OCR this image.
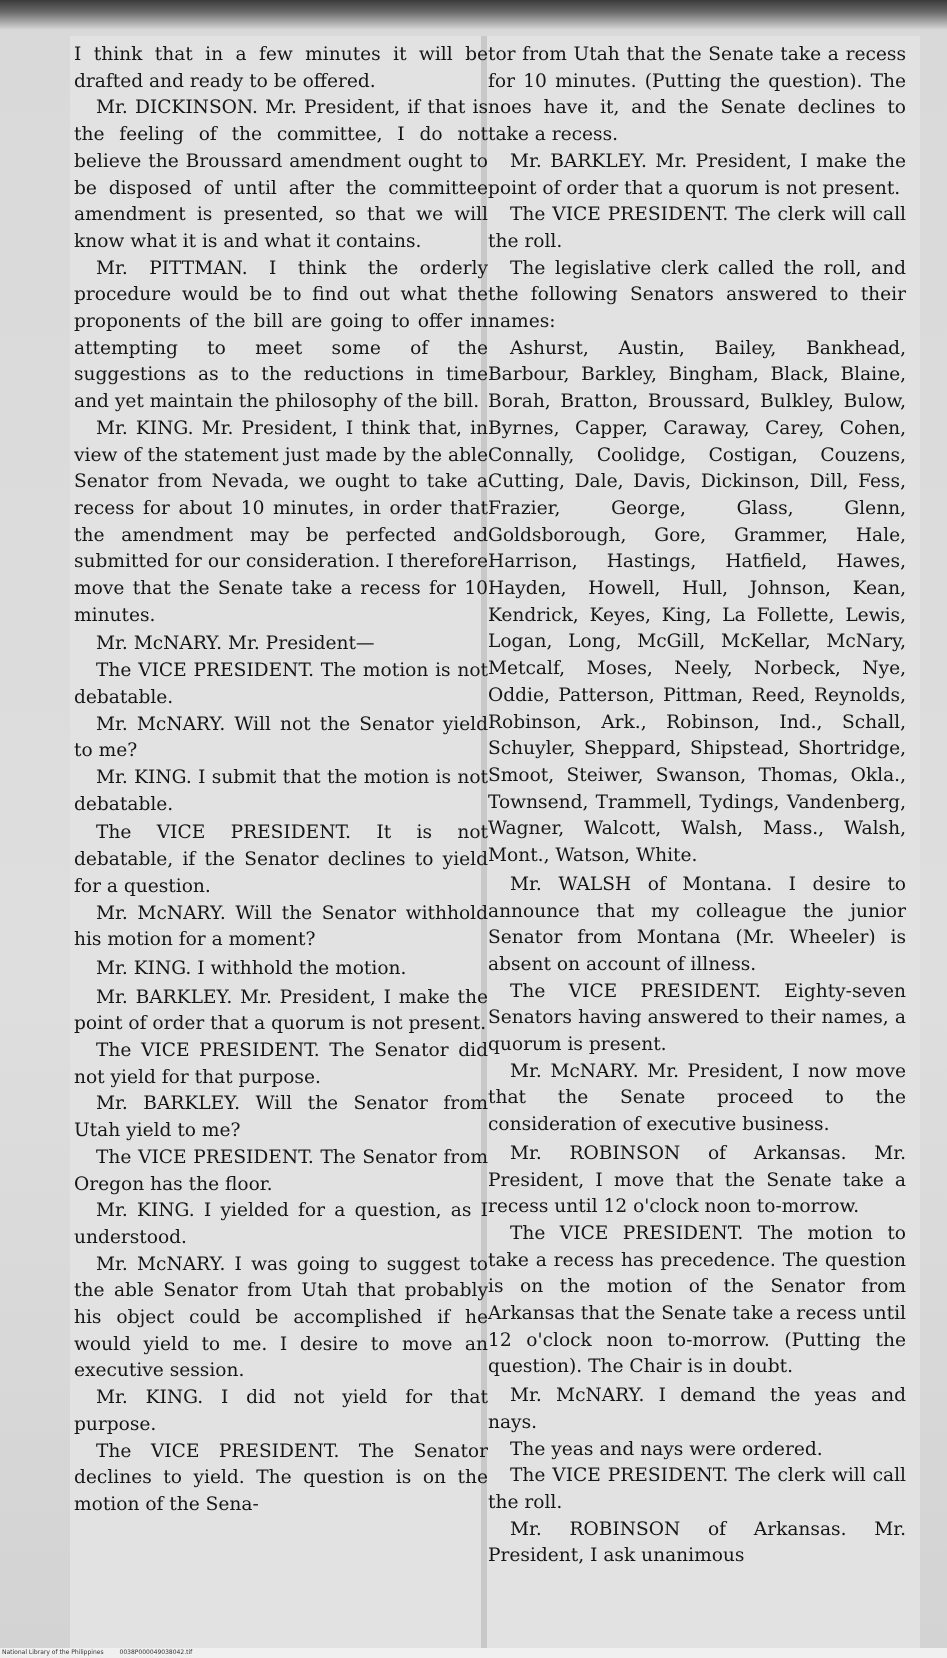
I think that in a few minutes it will be drafted and ready to be offered.

Mr. DICKINSON. Mr. President, if that is the feeling of the committee, I do not believe the Broussard amendment ought to be disposed of until after the committee amendment is presented, so that we will know what it is and what it contains.

Mr. PITTMAN. I think the orderly procedure would be to find out what the proponents of the bill are going to offer in attempting to meet some of the suggestions as to the reductions in time and yet maintain the philosophy of the bill.

Mr. KING. Mr. President, I think that, in view of the statement just made by the able Senator from Nevada, we ought to take a recess for about 10 minutes, in order that the amendment may be perfected and submitted for our consideration. I therefore move that the Senate take a recess for 10 minutes.

Mr. McNARY. Mr. President—

The VICE PRESIDENT. The motion is not debatable.

Mr. McNARY. Will not the Senator yield to me?

Mr. KING. I submit that the motion is not debatable.

The VICE PRESIDENT. It is not debatable, if the Senator declines to yield for a question.

Mr. McNARY. Will the Senator withhold his motion for a moment?

Mr. KING. I withhold the motion.

Mr. BARKLEY. Mr. President, I make the point of order that a quorum is not present.

The VICE PRESIDENT. The Senator did not yield for that purpose.

Mr. BARKLEY. Will the Senator from Utah yield to me?

The VICE PRESIDENT. The Senator from Oregon has the floor.

Mr. KING. I yielded for a question, as I understood.

Mr. McNARY. I was going to suggest to the able Senator from Utah that probably his object could be accomplished if he would yield to me. I desire to move an executive session.

Mr. KING. I did not yield for that purpose.

The VICE PRESIDENT. The Senator declines to yield. The question is on the motion of the Sena-

tor from Utah that the Senate take a recess for 10 minutes. (Putting the question). The noes have it, and the Senate declines to take a recess.

Mr. BARKLEY. Mr. President, I make the point of order that a quorum is not present.

The VICE PRESIDENT. The clerk will call the roll.

The legislative clerk called the roll, and the following Senators answered to their names:

Ashurst, Austin, Bailey, Bankhead, Barbour, Barkley, Bingham, Black, Blaine, Borah, Bratton, Broussard, Bulkley, Bulow, Byrnes, Capper, Caraway, Carey, Cohen, Connally, Coolidge, Costigan, Couzens, Cutting, Dale, Davis, Dickinson, Dill, Fess, Frazier, George, Glass, Glenn, Goldsborough, Gore, Grammer, Hale, Harrison, Hastings, Hatfield, Hawes, Hayden, Howell, Hull, Johnson, Kean, Kendrick, Keyes, King, La Follette, Lewis, Logan, Long, McGill, McKellar, McNary, Metcalf, Moses, Neely, Norbeck, Nye, Oddie, Patterson, Pittman, Reed, Reynolds, Robinson, Ark., Robinson, Ind., Schall, Schuyler, Sheppard, Shipstead, Shortridge, Smoot, Steiwer, Swanson, Thomas, Okla., Townsend, Trammell, Tydings, Vandenberg, Wagner, Walcott, Walsh, Mass., Walsh, Mont., Watson, White.

Mr. WALSH of Montana. I desire to announce that my colleague the junior Senator from Montana (Mr. Wheeler) is absent on account of illness.

The VICE PRESIDENT. Eighty-seven Senators having answered to their names, a quorum is present.

Mr. McNARY. Mr. President, I now move that the Senate proceed to the consideration of executive business.

Mr. ROBINSON of Arkansas. Mr. President, I move that the Senate take a recess until 12 o'clock noon to-morrow.

The VICE PRESIDENT. The motion to take a recess has precedence. The question is on the motion of the Senator from Arkansas that the Senate take a recess until 12 o'clock noon to-morrow. (Putting the question). The Chair is in doubt.

Mr. McNARY. I demand the yeas and nays.

The yeas and nays were ordered.

The VICE PRESIDENT. The clerk will call the roll.

Mr. ROBINSON of Arkansas. Mr. President, I ask unanimous

National Library of the Philippines	0038P000049038042.tif
